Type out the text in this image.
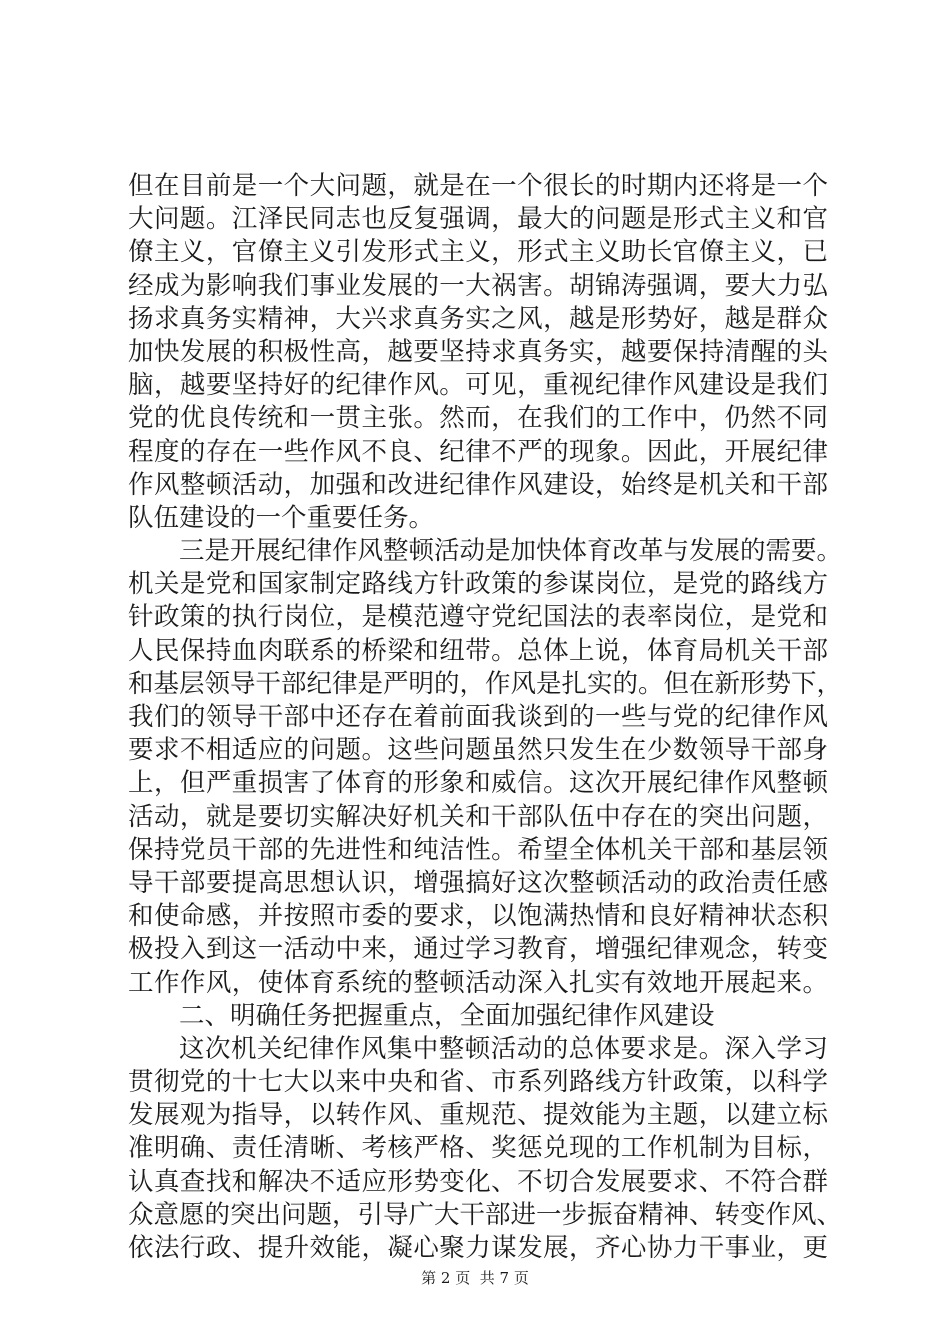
但在目前是一个大问题，就是在一个很长的时期内还将是一个
大问题。江泽民同志也反复强调，最大的问题是形式主义和官
僚主义，官僚主义引发形式主义，形式主义助长官僚主义，已
经成为影响我们事业发展的一大祸害。胡锦涛强调，要大力弘
扬求真务实精神，大兴求真务实之风，越是形势好，越是群众
加快发展的积极性高，越要坚持求真务实，越要保持清醒的头
脑，越要坚持好的纪律作风。可见，重视纪律作风建设是我们
党的优良传统和一贯主张。然而，在我们的工作中，仍然不同
程度的存在一些作风不良、纪律不严的现象。因此，开展纪律
作风整顿活动，加强和改进纪律作风建设，始终是机关和干部
队伍建设的一个重要任务。
三是开展纪律作风整顿活动是加快体育改革与发展的需要。
机关是党和国家制定路线方针政策的参谋岗位，是党的路线方
针政策的执行岗位，是模范遵守党纪国法的表率岗位，是党和
人民保持血肉联系的桥梁和纽带。总体上说，体育局机关干部
和基层领导干部纪律是严明的，作风是扎实的。但在新形势下，
我们的领导干部中还存在着前面我谈到的一些与党的纪律作风
要求不相适应的问题。这些问题虽然只发生在少数领导干部身
上，但严重损害了体育的形象和威信。这次开展纪律作风整顿
活动，就是要切实解决好机关和干部队伍中存在的突出问题，
保持党员干部的先进性和纯洁性。希望全体机关干部和基层领
导干部要提高思想认识，增强搞好这次整顿活动的政治责任感
和使命感，并按照市委的要求，以饱满热情和良好精神状态积
极投入到这一活动中来，通过学习教育，增强纪律观念，转变
工作作风，使体育系统的整顿活动深入扎实有效地开展起来。
二、明确任务把握重点，全面加强纪律作风建设
这次机关纪律作风集中整顿活动的总体要求是。深入学习
贯彻党的十七大以来中央和省、市系列路线方针政策，以科学
发展观为指导，以转作风、重规范、提效能为主题，以建立标
准明确、责任清晰、考核严格、奖惩兑现的工作机制为目标，
认真查找和解决不适应形势变化、不切合发展要求、不符合群
众意愿的突出问题，引导广大干部进一步振奋精神、转变作风、
依法行政、提升效能，凝心聚力谋发展，齐心协力干事业，更
第 2 页  共 7 页
